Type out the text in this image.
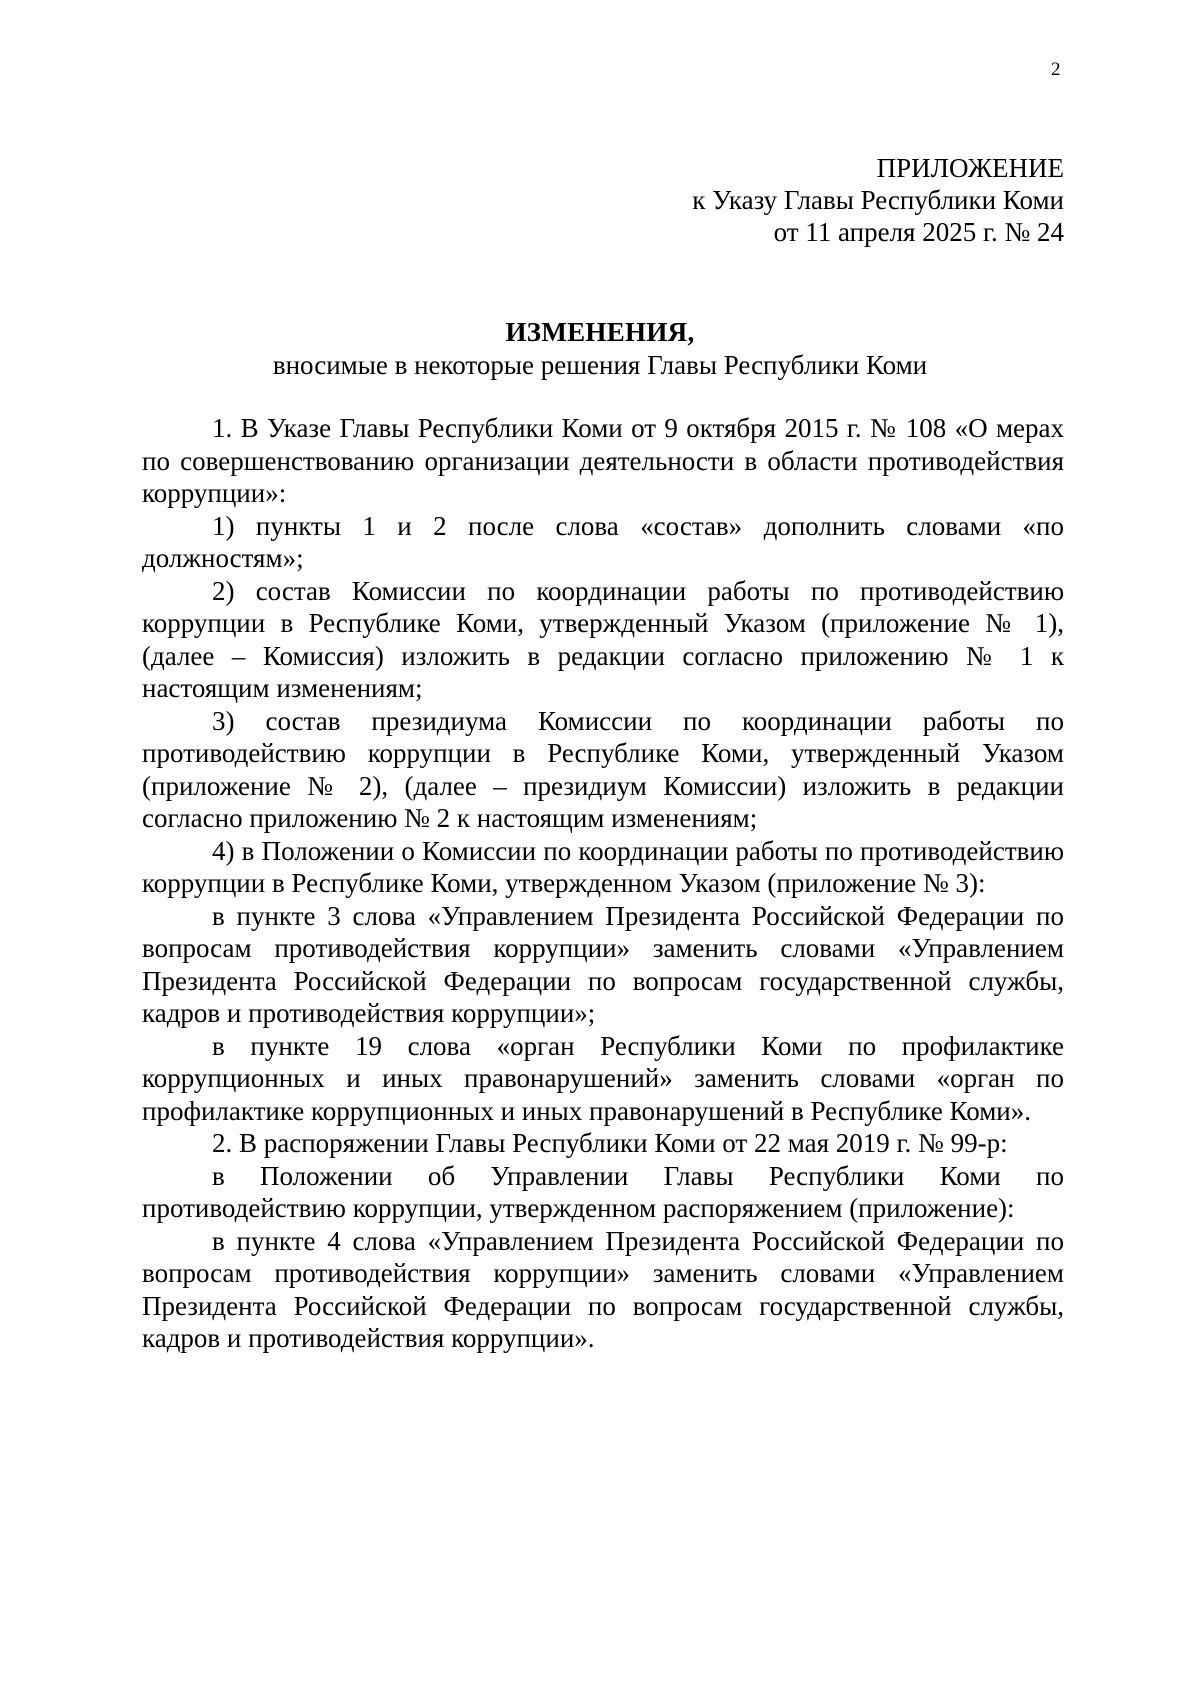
2
ПРИЛОЖЕНИЕ
к Указу Главы Республики Коми
от 11 апреля 2025 г. № 24
ИЗМЕНЕНИЯ,
вносимые в некоторые решения Главы Республики Коми

1. В Указе Главы Республики Коми от 9 октября 2015 г. № 108 «О мерах по совершенствованию организации деятельности в области противодействия коррупции»:

1) пункты 1 и 2 после слова «состав» дополнить словами «по должностям»;

2) состав Комиссии по координации работы по противодействию коррупции в Республике Коми, утвержденный Указом (приложение № 1), (далее – Комиссия) изложить в редакции согласно приложению № 1 к настоящим изменениям;

3) состав президиума Комиссии по координации работы по противодействию коррупции в Республике Коми, утвержденный Указом (приложение № 2), (далее – президиум Комиссии) изложить в редакции согласно приложению № 2 к настоящим изменениям;

4) в Положении о Комиссии по координации работы по противодействию коррупции в Республике Коми, утвержденном Указом (приложение № 3):

в пункте 3 слова «Управлением Президента Российской Федерации по вопросам противодействия коррупции» заменить словами «Управлением Президента Российской Федерации по вопросам государственной службы, кадров и противодействия коррупции»;

в пункте 19 слова «орган Республики Коми по профилактике коррупционных и иных правонарушений» заменить словами «орган по профилактике коррупционных и иных правонарушений в Республике Коми».

2. В распоряжении Главы Республики Коми от 22 мая 2019 г. № 99-р:

в Положении об Управлении Главы Республики Коми по противодействию коррупции, утвержденном распоряжением (приложение):

в пункте 4 слова «Управлением Президента Российской Федерации по вопросам противодействия коррупции» заменить словами «Управлением Президента Российской Федерации по вопросам государственной службы, кадров и противодействия коррупции».
